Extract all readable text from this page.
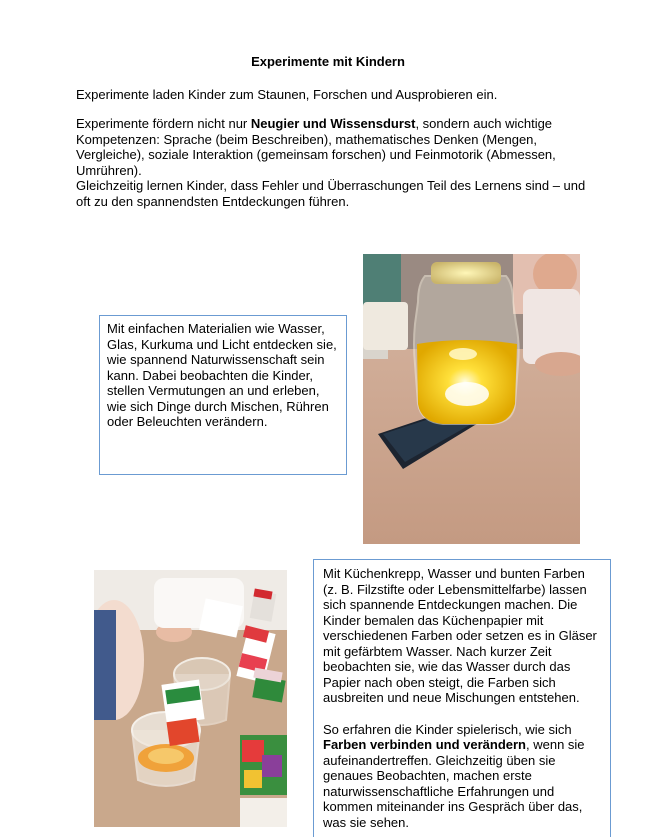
Experimente mit Kindern

Experimente laden Kinder zum Staunen, Forschen und Ausprobieren ein.

Experimente fördern nicht nur Neugier und Wissensdurst, sondern auch wichtige Kompetenzen: Sprache (beim Beschreiben), mathematisches Denken (Mengen, Vergleiche), soziale Interaktion (gemeinsam forschen) und Feinmotorik (Abmessen, Umrühren).

Gleichzeitig lernen Kinder, dass Fehler und Überraschungen Teil des Lernens sind – und oft zu den spannendsten Entdeckungen führen.

Mit einfachen Materialien wie Wasser, Glas, Kurkuma und Licht entdecken sie, wie spannend Naturwissenschaft sein kann. Dabei beobachten die Kinder, stellen Vermutungen an und erleben, wie sich Dinge durch Mischen, Rühren oder Beleuchten verändern.

Mit Küchenkrepp, Wasser und bunten Farben (z. B. Filzstifte oder Lebensmittelfarbe) lassen sich spannende Entdeckungen machen. Die Kinder bemalen das Küchenpapier mit verschiedenen Farben oder setzen es in Gläser mit gefärbtem Wasser. Nach kurzer Zeit beobachten sie, wie das Wasser durch das Papier nach oben steigt, die Farben sich ausbreiten und neue Mischungen entstehen.

So erfahren die Kinder spielerisch, wie sich Farben verbinden und verändern, wenn sie aufeinandertreffen. Gleichzeitig üben sie genaues Beobachten, machen erste naturwissenschaftliche Erfahrungen und kommen miteinander ins Gespräch über das, was sie sehen.
